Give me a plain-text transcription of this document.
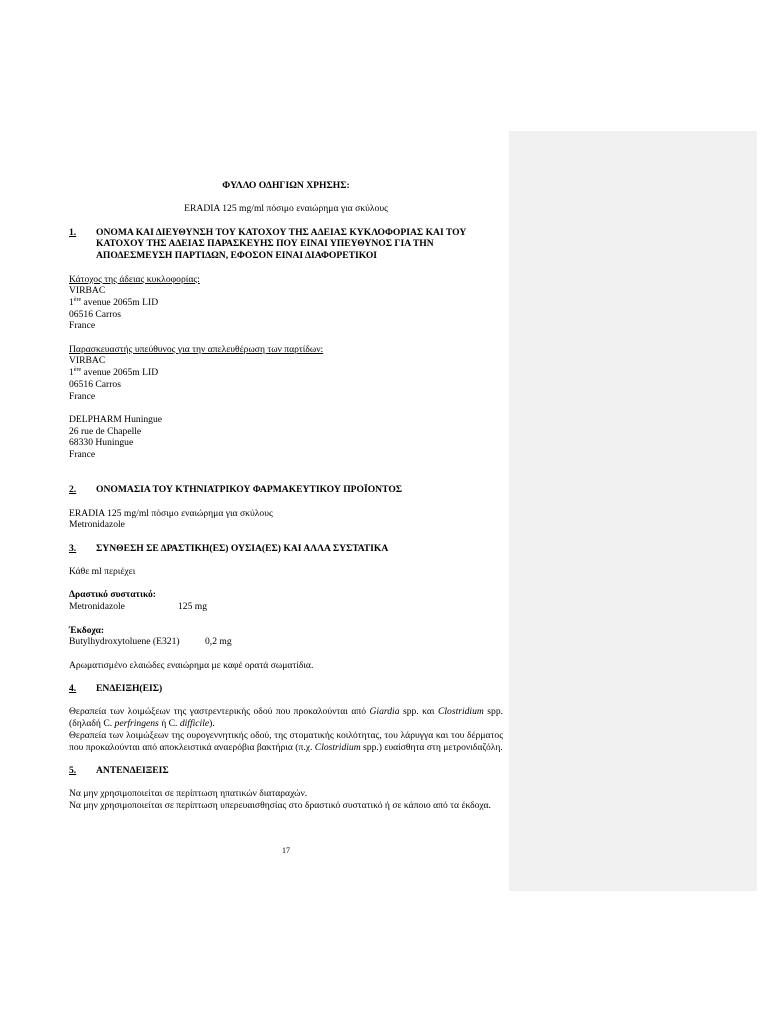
ΦΥΛΛΟ ΟΔΗΓΙΩΝ ΧΡΗΣΗΣ:
ERADIA 125 mg/ml πόσιμο εναιώρημα για σκύλους
1.	ΟΝΟΜΑ ΚΑΙ ΔΙΕΥΘΥΝΣΗ ΤΟΥ ΚΑΤΟΧΟΥ ΤΗΣ ΑΔΕΙΑΣ ΚΥΚΛΟΦΟΡΙΑΣ ΚΑΙ ΤΟΥ ΚΑΤΟΧΟΥ ΤΗΣ ΑΔΕΙΑΣ ΠΑΡΑΣΚΕΥΗΣ ΠΟΥ ΕΙΝΑΙ ΥΠΕΥΘΥΝΟΣ ΓΙΑ ΤΗΝ ΑΠΟΔΕΣΜΕΥΣΗ ΠΑΡΤΙΔΩΝ, ΕΦΟΣΟΝ ΕΙΝΑΙ ΔΙΑΦΟΡΕΤΙΚΟΙ
Κάτοχος της άδειας κυκλοφορίας:
VIRBAC
1ère avenue 2065m LID
06516 Carros
France
Παρασκευαστής υπεύθυνος για την απελευθέρωση των παρτίδων:
VIRBAC
1ère avenue 2065m LID
06516 Carros
France
DELPHARM Huningue
26 rue de Chapelle
68330 Huningue
France
2.	ΟΝΟΜΑΣΙΑ ΤΟΥ ΚΤΗΝΙΑΤΡΙΚΟΥ ΦΑΡΜΑΚΕΥΤΙΚΟΥ ΠΡΟΪΟΝΤΟΣ
ERADIA 125 mg/ml πόσιμο εναιώρημα για σκύλους
Metronidazole
3.	ΣΥΝΘΕΣΗ ΣΕ ΔΡΑΣΤΙΚΗ(ΕΣ) ΟΥΣΙΑ(ΕΣ) ΚΑΙ ΑΛΛΑ ΣΥΣΤΑΤΙΚΑ
Κάθε ml περιέχει
Δραστικό συστατικό:
Metronidazole	125 mg
Έκδοχα:
Butylhydroxytoluene (E321)	0,2 mg
Αρωματισμένο ελαιώδες εναιώρημα με καφέ ορατά σωματίδια.
4.	ΕΝΔΕΙΞΗ(ΕΙΣ)
Θεραπεία των λοιμώξεων της γαστρεντερικής οδού που προκαλούνται από Giardia spp. και Clostridium spp. (δηλαδή C. perfringens ή C. difficile).
Θεραπεία των λοιμώξεων της ουρογεννητικής οδού, της στοματικής κοιλότητας, του λάρυγγα και του δέρματος που προκαλούνται από αποκλειστικά αναερόβια βακτήρια (π.χ. Clostridium spp.) ευαίσθητα στη μετρονιδαζόλη.
5.	ΑΝΤΕΝΔΕΙΞΕΙΣ
Να μην χρησιμοποιείται σε περίπτωση ηπατικών διαταραχών.
Να μην χρησιμοποιείται σε περίπτωση υπερευαισθησίας στο δραστικό συστατικό ή σε κάποιο από τα έκδοχα.
17
